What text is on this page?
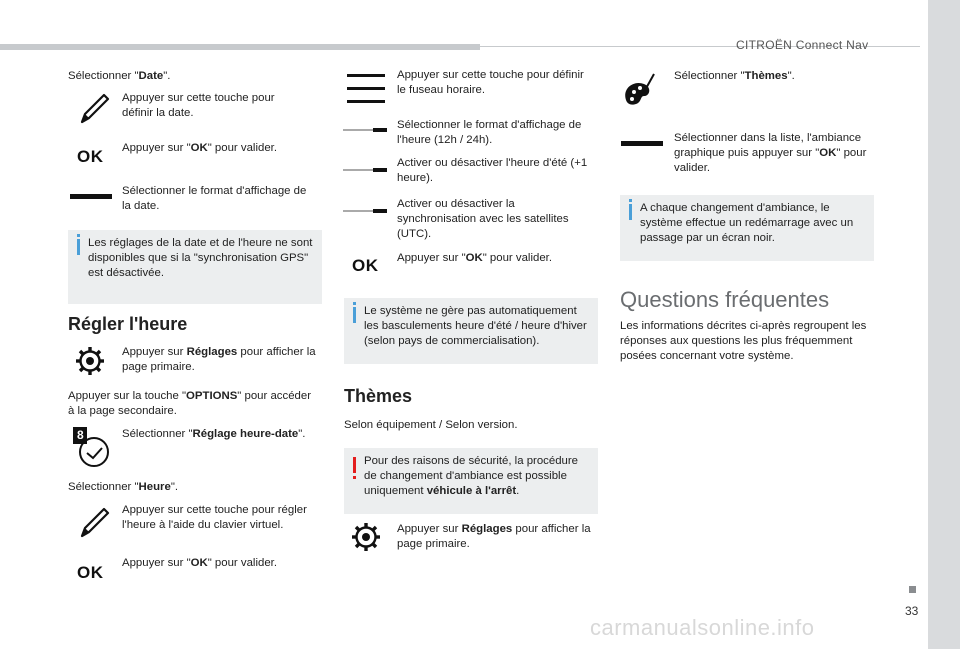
CITROËN Connect Nav
33
carmanualsonline.info
Sélectionner "Date".
Appuyer sur cette touche pour définir la date.
OK Appuyer sur "OK" pour valider.
Sélectionner le format d'affichage de la date.
Les réglages de la date et de l'heure ne sont disponibles que si la "synchronisation GPS" est désactivée.
Régler l'heure
Appuyer sur Réglages pour afficher la page primaire.
Appuyer sur la touche "OPTIONS" pour accéder à la page secondaire.
8	Sélectionner "Réglage heure-date".
Sélectionner "Heure".
Appuyer sur cette touche pour régler l'heure à l'aide du clavier virtuel.
OK Appuyer sur "OK" pour valider.
Appuyer sur cette touche pour définir le fuseau horaire.
Sélectionner le format d'affichage de l'heure (12h / 24h).
Activer ou désactiver l'heure d'été (+1 heure).
Activer ou désactiver la synchronisation avec les satellites (UTC).
OK Appuyer sur "OK" pour valider.
Le système ne gère pas automatiquement les basculements heure d'été / heure d'hiver (selon pays de commercialisation).
Thèmes
Selon équipement / Selon version.
Pour des raisons de sécurité, la procédure de changement d'ambiance est possible uniquement véhicule à l'arrêt.
Appuyer sur Réglages pour afficher la page primaire.
Sélectionner "Thèmes".
Sélectionner dans la liste, l'ambiance graphique puis appuyer sur "OK" pour valider.
A chaque changement d'ambiance, le système effectue un redémarrage avec un passage par un écran noir.
Questions fréquentes
Les informations décrites ci-après regroupent les réponses aux questions les plus fréquemment posées concernant votre système.
